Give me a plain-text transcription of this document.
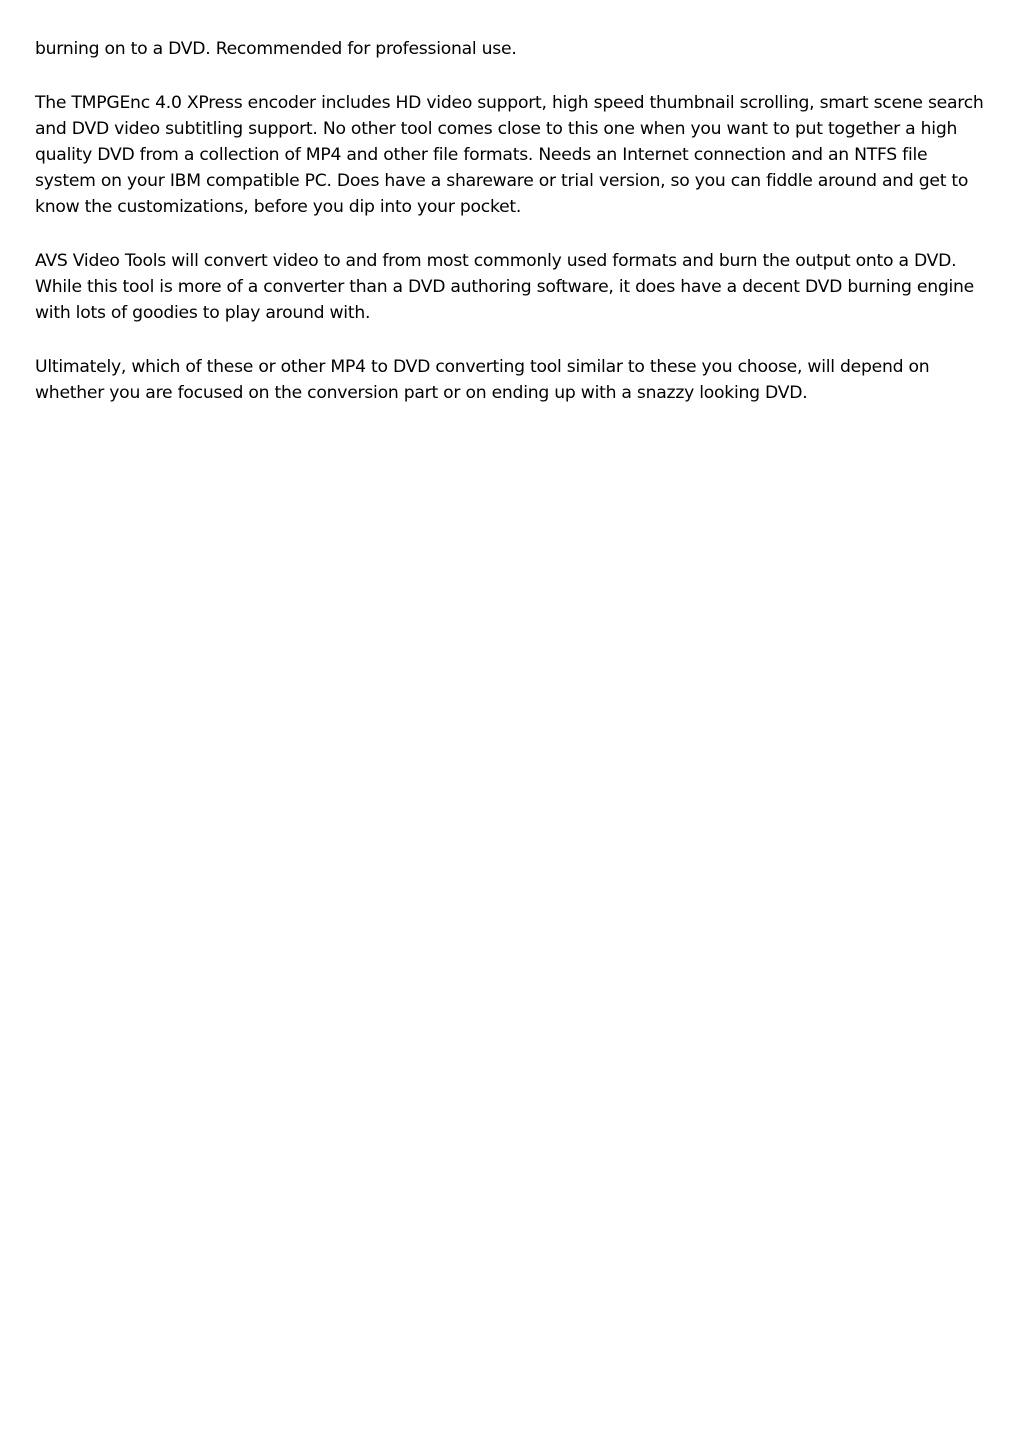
burning on to a DVD. Recommended for professional use.

The TMPGEnc 4.0 XPress encoder includes HD video support, high speed thumbnail scrolling, smart scene search and DVD video subtitling support. No other tool comes close to this one when you want to put together a high quality DVD from a collection of MP4 and other file formats. Needs an Internet connection and an NTFS file system on your IBM compatible PC. Does have a shareware or trial version, so you can fiddle around and get to know the customizations, before you dip into your pocket.

AVS Video Tools will convert video to and from most commonly used formats and burn the output onto a DVD. While this tool is more of a converter than a DVD authoring software, it does have a decent DVD burning engine with lots of goodies to play around with.

Ultimately, which of these or other MP4 to DVD converting tool similar to these you choose, will depend on whether you are focused on the conversion part or on ending up with a snazzy looking DVD.
